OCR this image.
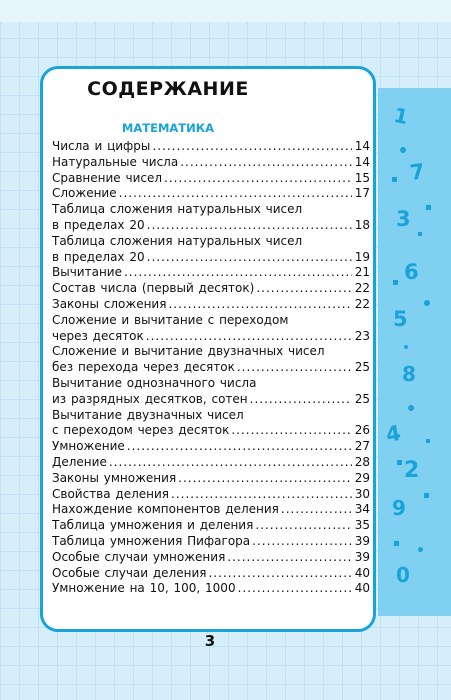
СОДЕРЖАНИЕ
МАТЕМАТИКА
Числа и цифры .....	14
Натуральные числа .....	14
Сравнение чисел .....	15
Сложение .....	17
Таблица сложения натуральных чисел
в пределах 20 .....	18
Таблица сложения натуральных чисел
в пределах 20 .....	19
Вычитание .....	21
Состав числа (первый десяток) .....	22
Законы сложения .....	22
Сложение и вычитание с переходом
через десяток .....	23
Сложение и вычитание двузначных чисел
без перехода через десяток .....	25
Вычитание однозначного числа
из разрядных десятков, сотен .....	25
Вычитание двузначных чисел
с переходом через десяток .....	26
Умножение .....	27
Деление .....	28
Законы умножения .....	29
Свойства деления .....	30
Нахождение компонентов деления .....	34
Таблица умножения и деления .....	35
Таблица умножения Пифагора .....	39
Особые случаи умножения .....	39
Особые случаи деления .....	40
Умножение на 10, 100, 1000 .....	40
3
1
7
3
6
5
8
4
2
9
0
